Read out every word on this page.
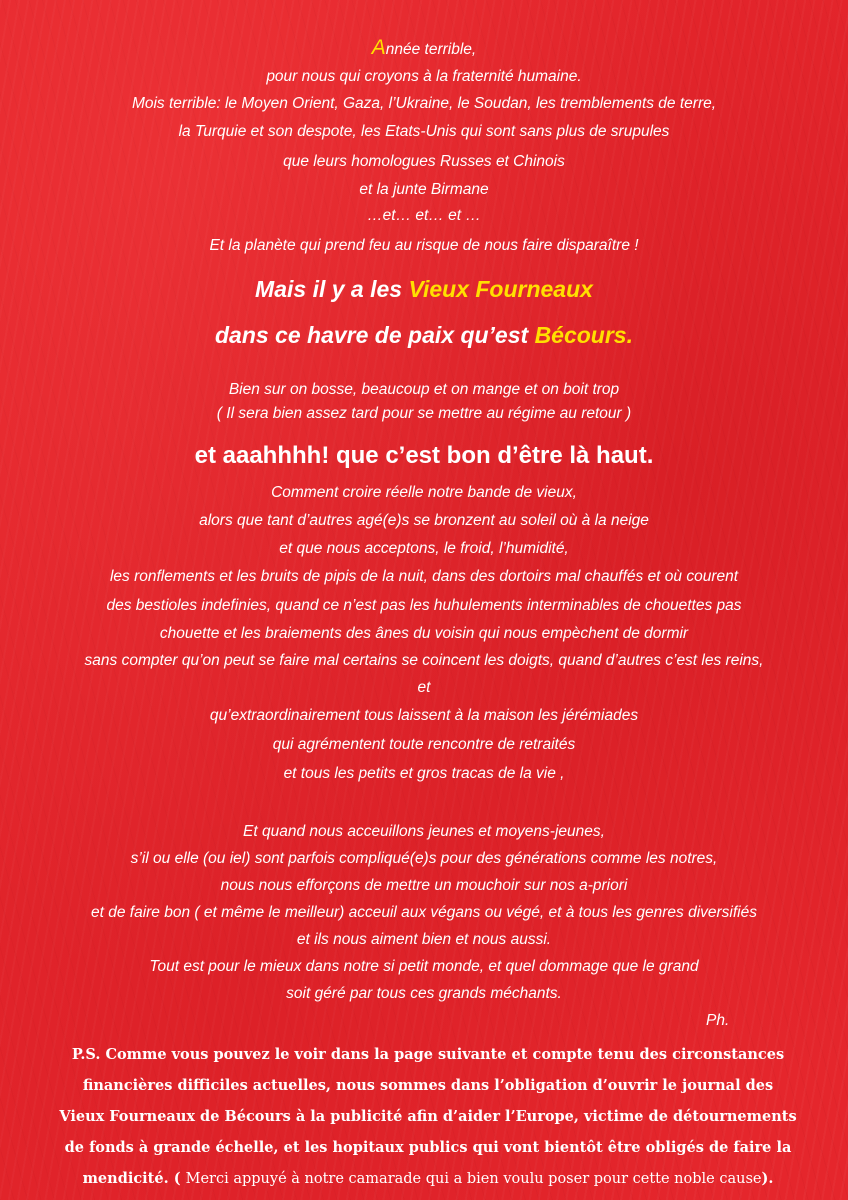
Année terrible,
pour nous qui croyons à la fraternité humaine.
Mois terrible: le Moyen Orient, Gaza, l’Ukraine, le Soudan, les tremblements de terre,
la Turquie et son despote, les Etats-Unis qui sont sans plus de srupules
que leurs homologues Russes et Chinois
et la junte Birmane
…et… et… et …
Et la planète qui prend feu au risque de nous faire disparaître !
Mais il y a les Vieux Fourneaux
dans ce havre de paix qu’est Bécours.
Bien sur on bosse, beaucoup et on mange et on boit trop
( Il sera bien assez tard pour se mettre au régime au retour )
et aaahhhh! que c’est bon d’être là haut.
Comment croire réelle notre bande de vieux,
alors que tant d’autres agé(e)s se bronzent au soleil où à la neige
et que nous acceptons, le froid, l’humidité,
les ronflements et les bruits de pipis de la nuit, dans des dortoirs mal chauffés et où courent
des bestioles indefinies, quand ce n’est pas les huhulements interminables de chouettes pas
chouette et les braiements des ânes du voisin qui nous empèchent de dormir
sans compter qu’on peut se faire mal certains se coincent les doigts, quand d’autres c’est les reins,
et
qu’extraordinairement tous laissent à la maison les jérémiades
qui agrémentent toute rencontre de retraités
et tous les petits et gros tracas de la vie ,
Et quand nous acceuillons jeunes et moyens-jeunes,
s’il ou elle (ou iel) sont parfois compliqué(e)s pour des générations comme les notres,
nous nous efforçons de mettre un mouchoir sur nos a-priori
et de faire bon ( et même le meilleur) acceuil aux végans ou végé, et à tous les genres diversifiés
et ils nous aiment bien et nous aussi.
Tout est pour le mieux dans notre si petit monde, et quel dommage que le grand
soit géré par tous ces grands méchants.
Ph.
P.S. Comme vous pouvez le voir dans la page suivante et compte tenu des circonstances
financières difficiles actuelles, nous sommes dans l’obligation d’ouvrir le journal des
Vieux Fourneaux de Bécours à la publicité afin d’aider l’Europe, victime de détournements
de fonds à grande échelle, et les hopitaux publics qui vont bientôt être obligés de faire la
mendicité. ( Merci appuyé à notre camarade qui a bien voulu poser pour cette noble cause).
